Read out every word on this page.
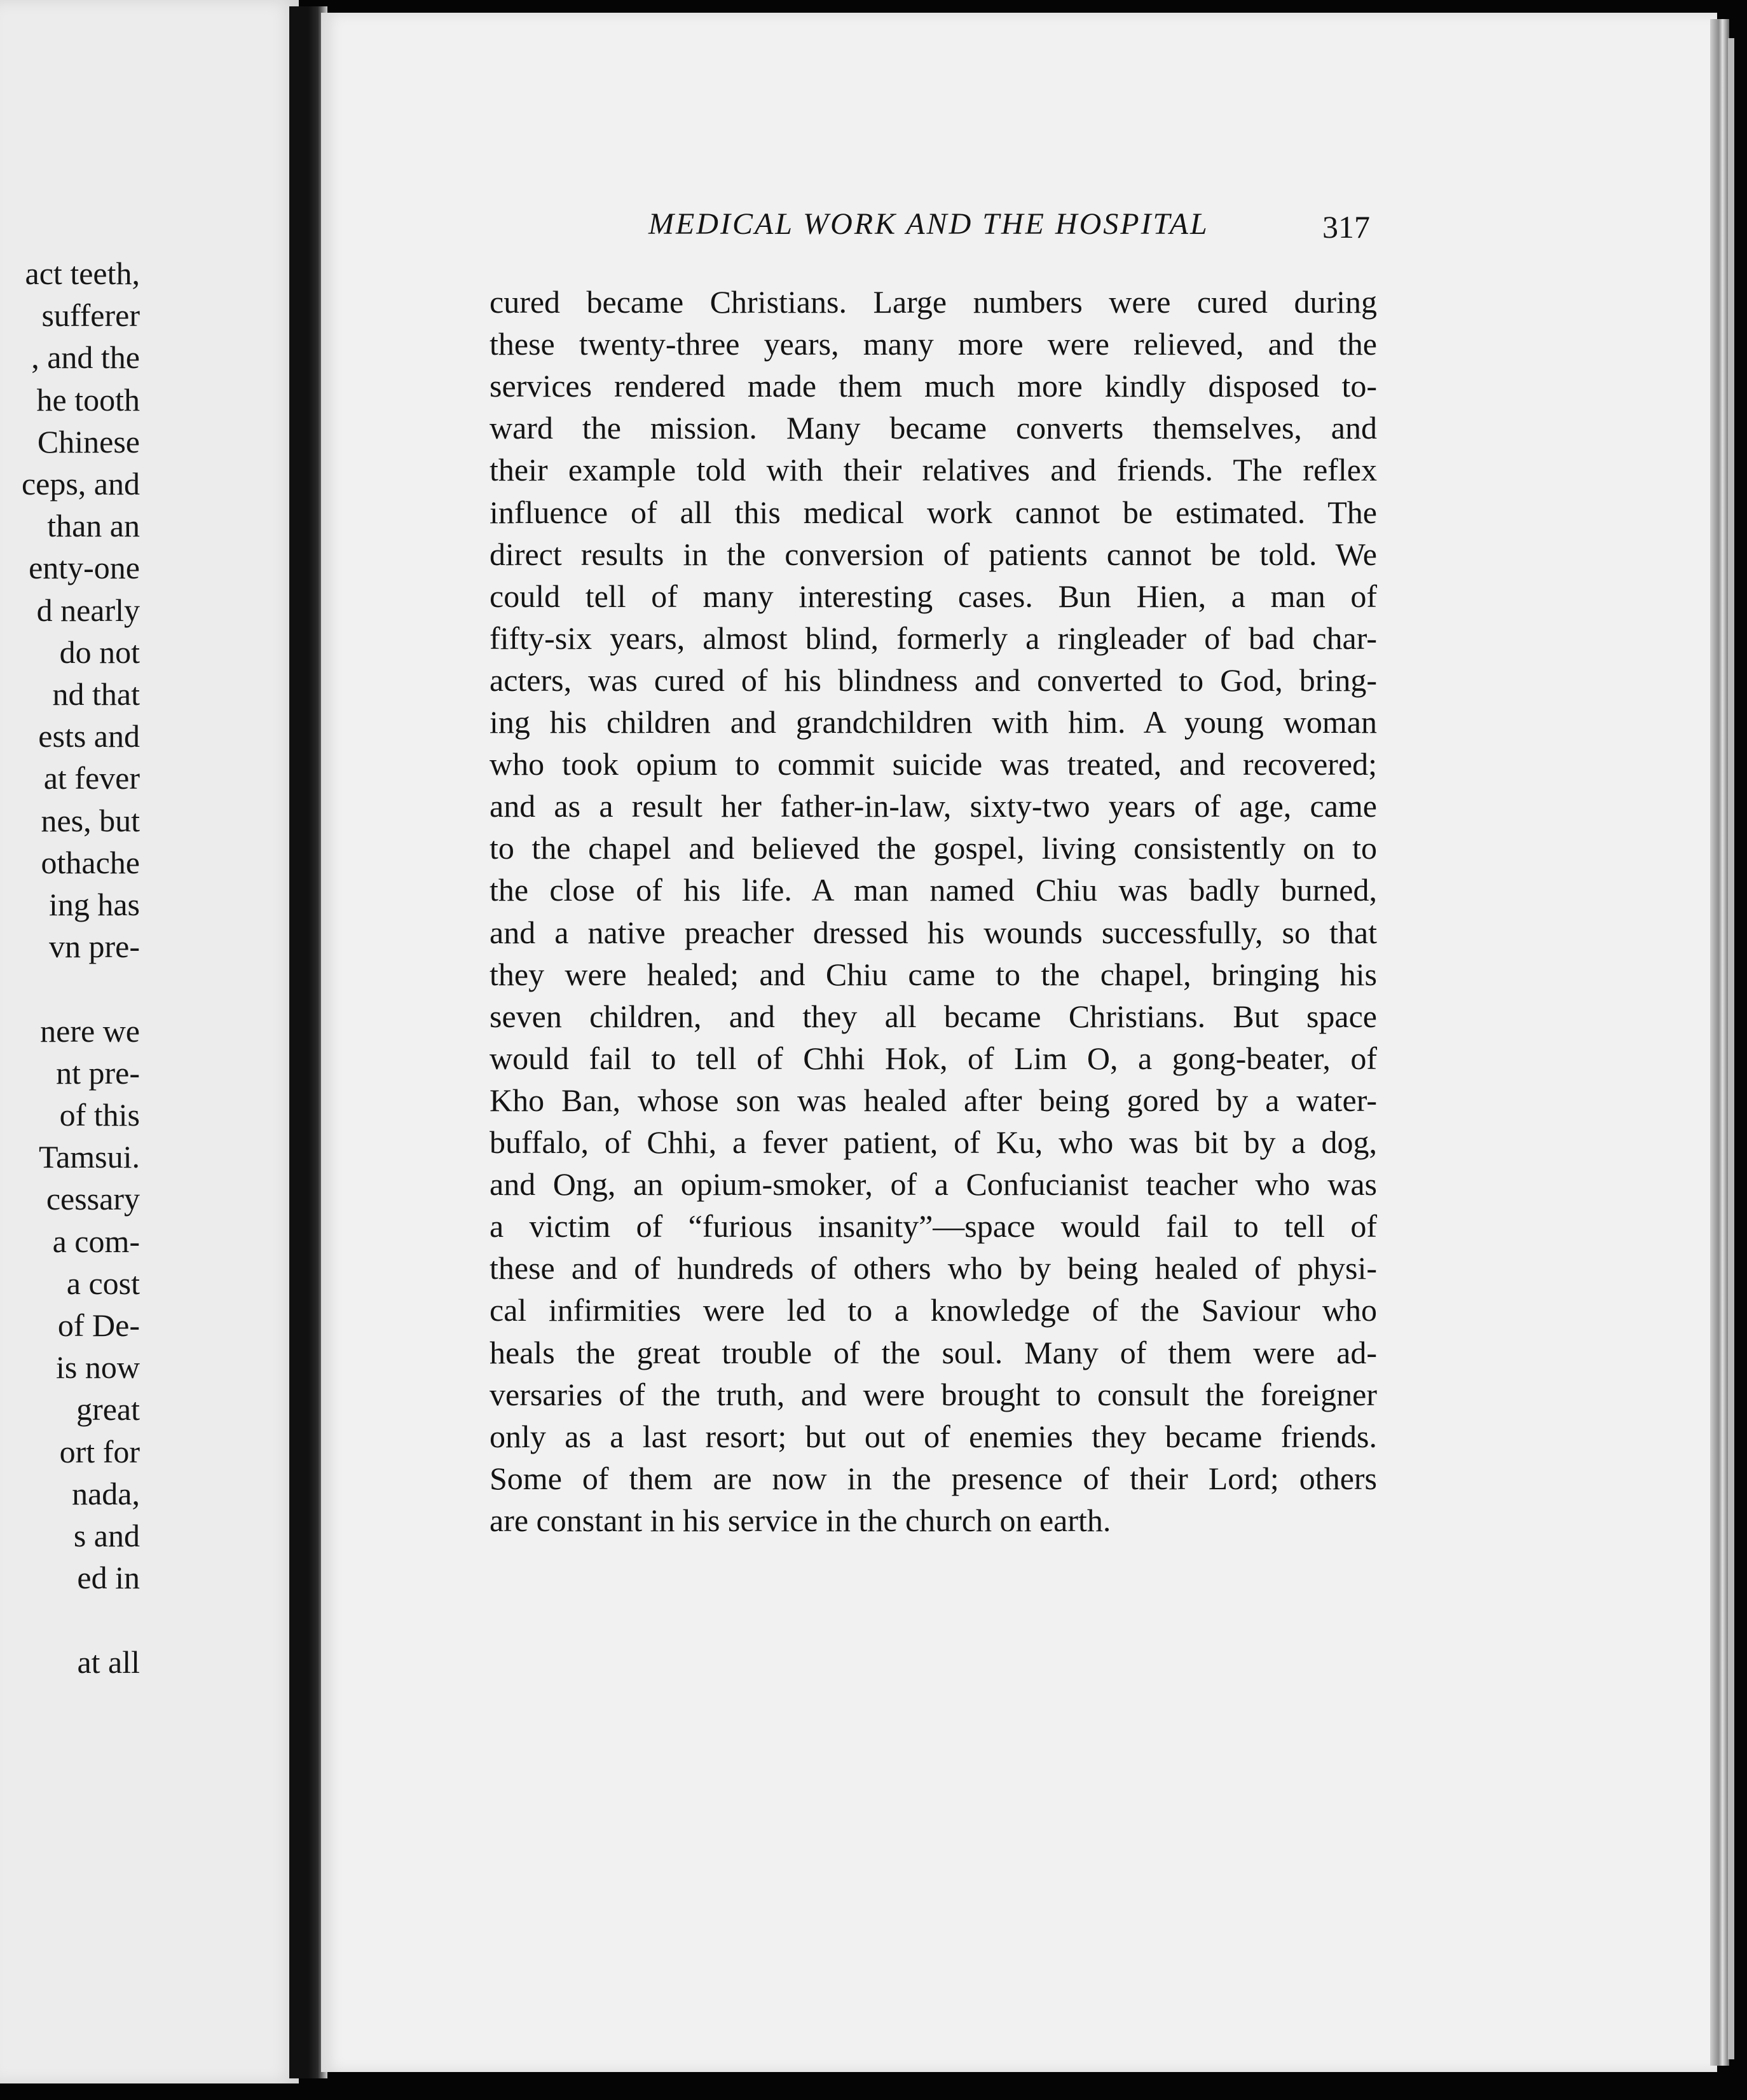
act teeth,
sufferer
, and the
he tooth
Chinese
ceps, and
than an
enty-one
d nearly
do not
nd that
ests and
at fever
nes, but
othache
ing has
vn pre-
nere we
nt pre-
of this
Tamsui.
cessary
a com-
a cost
of De-
is now
great
ort for
nada,
s and
ed in
at all
MEDICAL WORK AND THE HOSPITAL	317
cured became Christians. Large numbers were cured during
these twenty-three years, many more were relieved, and the
services rendered made them much more kindly disposed to-
ward the mission. Many became converts themselves, and
their example told with their relatives and friends. The reflex
influence of all this medical work cannot be estimated. The
direct results in the conversion of patients cannot be told. We
could tell of many interesting cases. Bun Hien, a man of
fifty-six years, almost blind, formerly a ringleader of bad char-
acters, was cured of his blindness and converted to God, bring-
ing his children and grandchildren with him. A young woman
who took opium to commit suicide was treated, and recovered;
and as a result her father-in-law, sixty-two years of age, came
to the chapel and believed the gospel, living consistently on to
the close of his life. A man named Chiu was badly burned,
and a native preacher dressed his wounds successfully, so that
they were healed; and Chiu came to the chapel, bringing his
seven children, and they all became Christians. But space
would fail to tell of Chhi Hok, of Lim O, a gong-beater, of
Kho Ban, whose son was healed after being gored by a water-
buffalo, of Chhi, a fever patient, of Ku, who was bit by a dog,
and Ong, an opium-smoker, of a Confucianist teacher who was
a victim of “furious insanity”—space would fail to tell of
these and of hundreds of others who by being healed of physi-
cal infirmities were led to a knowledge of the Saviour who
heals the great trouble of the soul. Many of them were ad-
versaries of the truth, and were brought to consult the foreigner
only as a last resort; but out of enemies they became friends.
Some of them are now in the presence of their Lord; others
are constant in his service in the church on earth.
